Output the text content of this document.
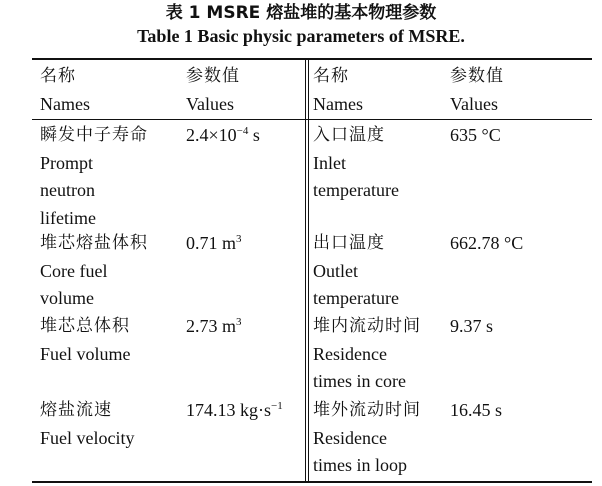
表 1 MSRE 熔盐堆的基本物理参数
Table 1 Basic physic parameters of MSRE.
名称
Names
参数值
Values
名称
Names
参数值
Values
瞬发中子寿命
Prompt
neutron
lifetime
$2.4\times 10^{-4}$ s
堆芯熔盐体积
Core fuel
volume
0.71 $m^3$
堆芯总体积
Fuel volume
2.73 $m^3$
熔盐流速
Fuel velocity
174.13 $kg\cdot s^{-1}$
入口温度
Inlet
temperature
635 °C
出口温度
Outlet
temperature
662.78 °C
堆内流动时间
Residence
times in core
9.37 s
堆外流动时间
Residence
times in loop
16.45 s
